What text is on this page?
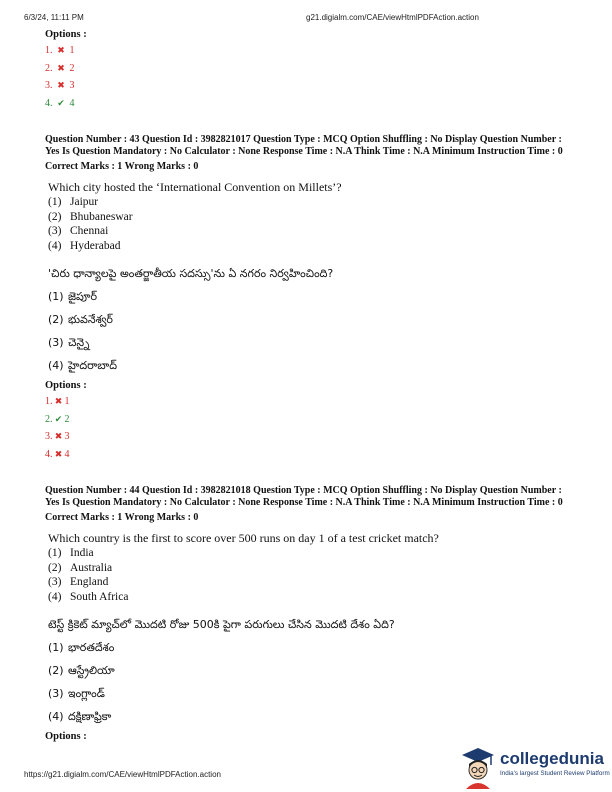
6/3/24, 11:11 PM	g21.digialm.com/CAE/viewHtmlPDFAction.action
Options :
1. ✖ 1
2. ✖ 2
3. ✖ 3
4. ✔ 4
Question Number : 43 Question Id : 3982821017 Question Type : MCQ Option Shuffling : No Display Question Number : Yes Is Question Mandatory : No Calculator : None Response Time : N.A Think Time : N.A Minimum Instruction Time : 0
Correct Marks : 1 Wrong Marks : 0
Which city hosted the ‘International Convention on Millets’?
(1) Jaipur
(2) Bhubaneswar
(3) Chennai
(4) Hyderabad
'చిరు ధాన్యాలపై అంతర్జాతీయ సదస్సు'ను ఏ నగరం నిర్వహించింది?
(1) జైపూర్
(2) భువనేశ్వర్
(3) చెన్నై
(4) హైదరాబాద్
Options :
1. ✖ 1
2. ✔ 2
3. ✖ 3
4. ✖ 4
Question Number : 44 Question Id : 3982821018 Question Type : MCQ Option Shuffling : No Display Question Number : Yes Is Question Mandatory : No Calculator : None Response Time : N.A Think Time : N.A Minimum Instruction Time : 0
Correct Marks : 1 Wrong Marks : 0
Which country is the first to score over 500 runs on day 1 of a test cricket match?
(1) India
(2) Australia
(3) England
(4) South Africa
టెస్ట్ క్రికెట్ మ్యాచ్‌లో మొదటి రోజు 500కి పైగా పరుగులు చేసిన మొదటి దేశం ఏది?
(1) భారతదేశం
(2) ఆస్ట్రేలియా
(3) ఇంగ్లాండ్
(4) దక్షిణాఫ్రికా
Options :
https://g21.digialm.com/CAE/viewHtmlPDFAction.action
collegedunia
India's largest Student Review Platform
